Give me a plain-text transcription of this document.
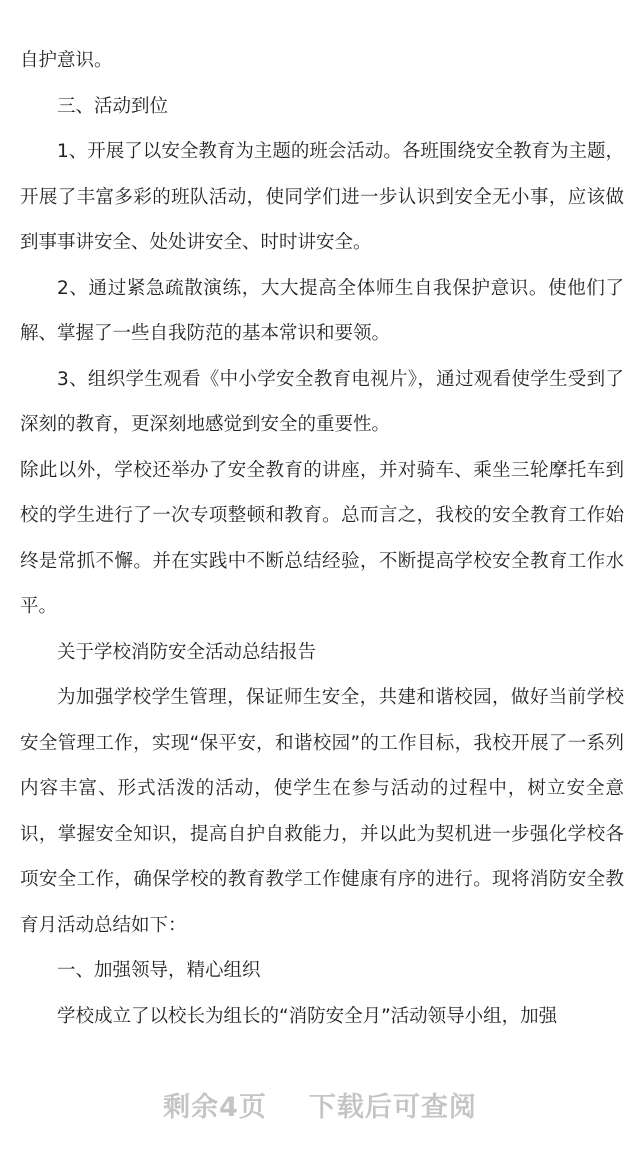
自护意识。

三、活动到位

1、开展了以安全教育为主题的班会活动。各班围绕安全教育为主题，开展了丰富多彩的班队活动，使同学们进一步认识到安全无小事，应该做到事事讲安全、处处讲安全、时时讲安全。

2、通过紧急疏散演练，大大提高全体师生自我保护意识。使他们了解、掌握了一些自我防范的基本常识和要领。

3、组织学生观看《中小学安全教育电视片》，通过观看使学生受到了深刻的教育，更深刻地感觉到安全的重要性。

除此以外，学校还举办了安全教育的讲座，并对骑车、乘坐三轮摩托车到校的学生进行了一次专项整顿和教育。总而言之，我校的安全教育工作始终是常抓不懈。并在实践中不断总结经验，不断提高学校安全教育工作水平。

关于学校消防安全活动总结报告

为加强学校学生管理，保证师生安全，共建和谐校园，做好当前学校安全管理工作，实现“保平安，和谐校园”的工作目标，我校开展了一系列内容丰富、形式活泼的活动，使学生在参与活动的过程中，树立安全意识，掌握安全知识，提高自护自救能力，并以此为契机进一步强化学校各项安全工作，确保学校的教育教学工作健康有序的进行。现将消防安全教育月活动总结如下：

一、加强领导，精心组织

学校成立了以校长为组长的“消防安全月”活动领导小组，加强

剩余4页 下载后可查阅
